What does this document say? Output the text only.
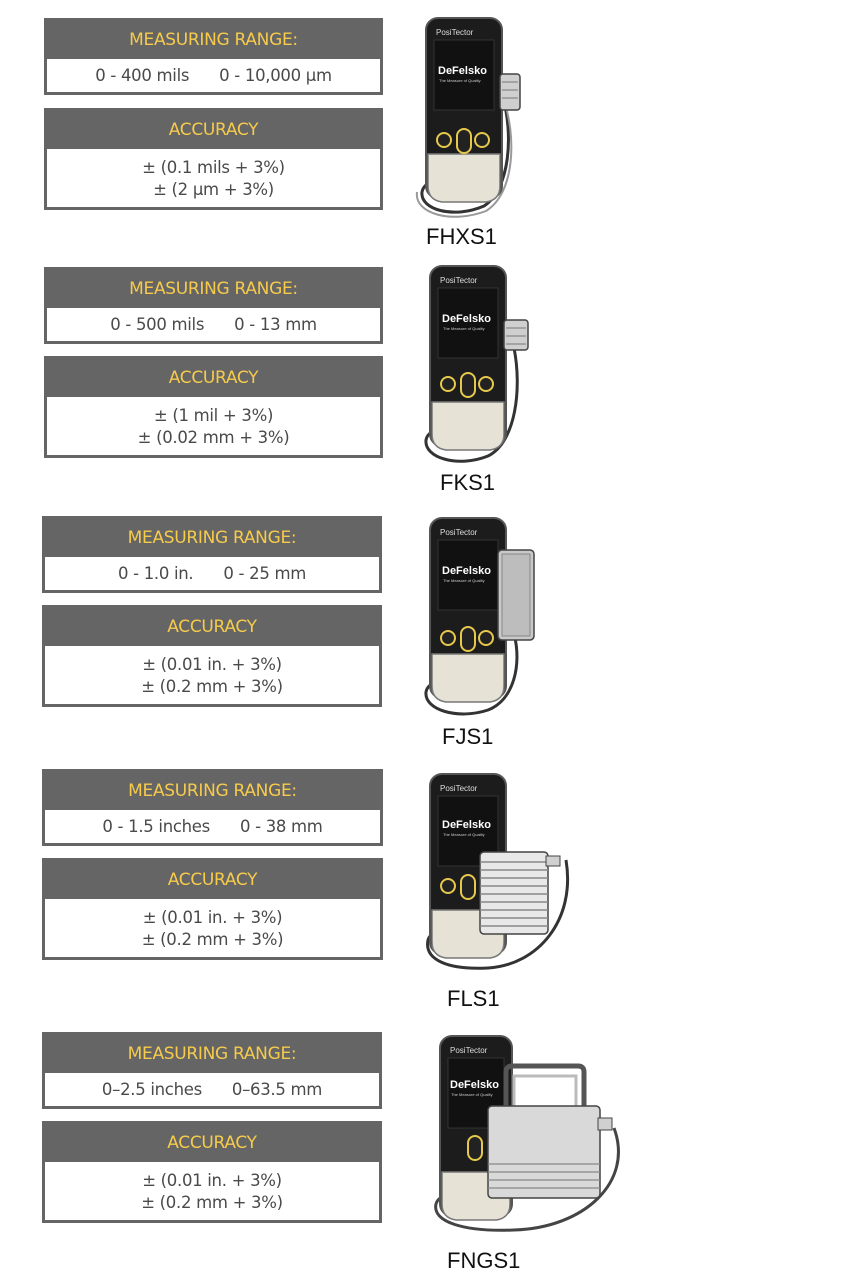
MEASURING RANGE:
0 - 400 mils 0 - 10,000 µm
ACCURACY
± (0.1 mils + 3%)
± (2 µm + 3%)
PosiTector
DeFelsko
The Measure of Quality
FHXS1
MEASURING RANGE:
0 - 500 mils 0 - 13 mm
ACCURACY
± (1 mil + 3%)
± (0.02 mm + 3%)
PosiTector
DeFelsko
The Measure of Quality
FKS1
MEASURING RANGE:
0 - 1.0 in. 0 - 25 mm
ACCURACY
± (0.01 in. + 3%)
± (0.2 mm + 3%)
PosiTector
DeFelsko
The Measure of Quality
FJS1
MEASURING RANGE:
0 - 1.5 inches 0 - 38 mm
ACCURACY
± (0.01 in. + 3%)
± (0.2 mm + 3%)
PosiTector
DeFelsko
The Measure of Quality
FLS1
MEASURING RANGE:
0–2.5 inches 0–63.5 mm
ACCURACY
± (0.01 in. + 3%)
± (0.2 mm + 3%)
PosiTector
DeFelsko
The Measure of Quality
FNGS1
